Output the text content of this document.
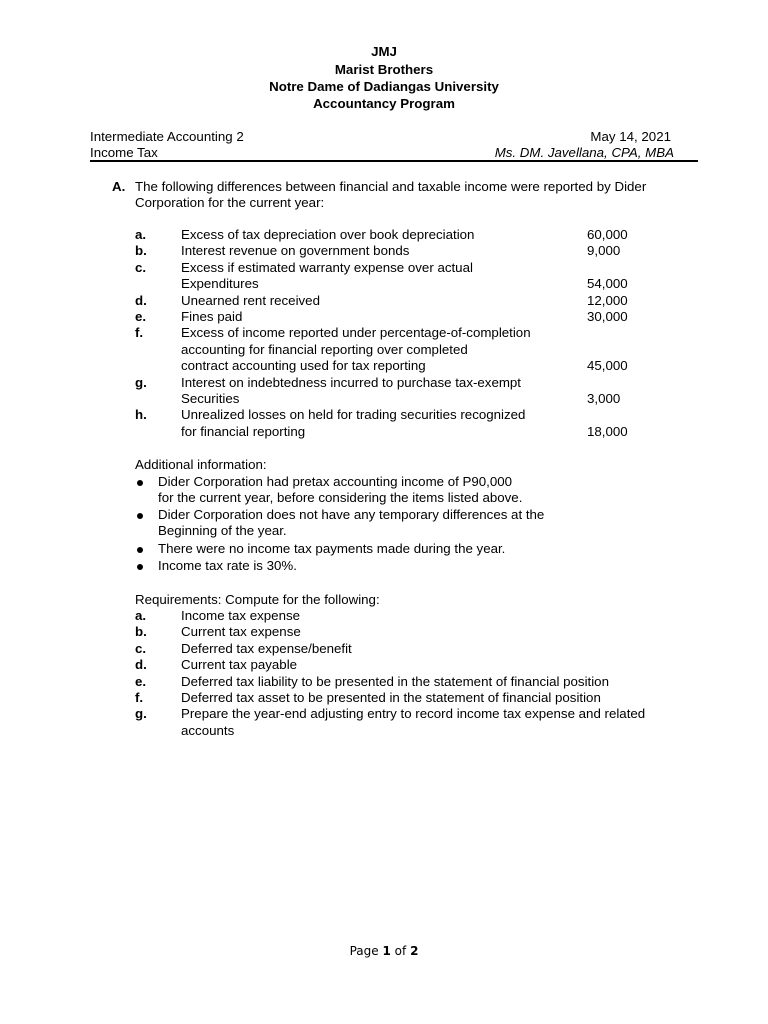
JMJ
Marist Brothers
Notre Dame of Dadiangas University
Accountancy Program
Intermediate Accounting 2	May 14, 2021
Income Tax	Ms. DM. Javellana, CPA, MBA
A. The following differences between financial and taxable income were reported by Dider
Corporation for the current year:
a.	Excess of tax depreciation over book depreciation	60,000
b.	Interest revenue on government bonds	9,000
c.	Excess if estimated warranty expense over actual
Expenditures	54,000
d.	Unearned rent received	12,000
e.	Fines paid	30,000
f.	Excess of income reported under percentage-of-completion
accounting for financial reporting over completed
contract accounting used for tax reporting	45,000
g.	Interest on indebtedness incurred to purchase tax-exempt
Securities	3,000
h.	Unrealized losses on held for trading securities recognized
for financial reporting	18,000
Additional information:
Dider Corporation had pretax accounting income of P90,000
for the current year, before considering the items listed above.
Dider Corporation does not have any temporary differences at the
Beginning of the year.
There were no income tax payments made during the year.
Income tax rate is 30%.
Requirements: Compute for the following:
a.	Income tax expense
b.	Current tax expense
c.	Deferred tax expense/benefit
d.	Current tax payable
e.	Deferred tax liability to be presented in the statement of financial position
f.	Deferred tax asset to be presented in the statement of financial position
g.	Prepare the year-end adjusting entry to record income tax expense and related
accounts
Page 1 of 2
